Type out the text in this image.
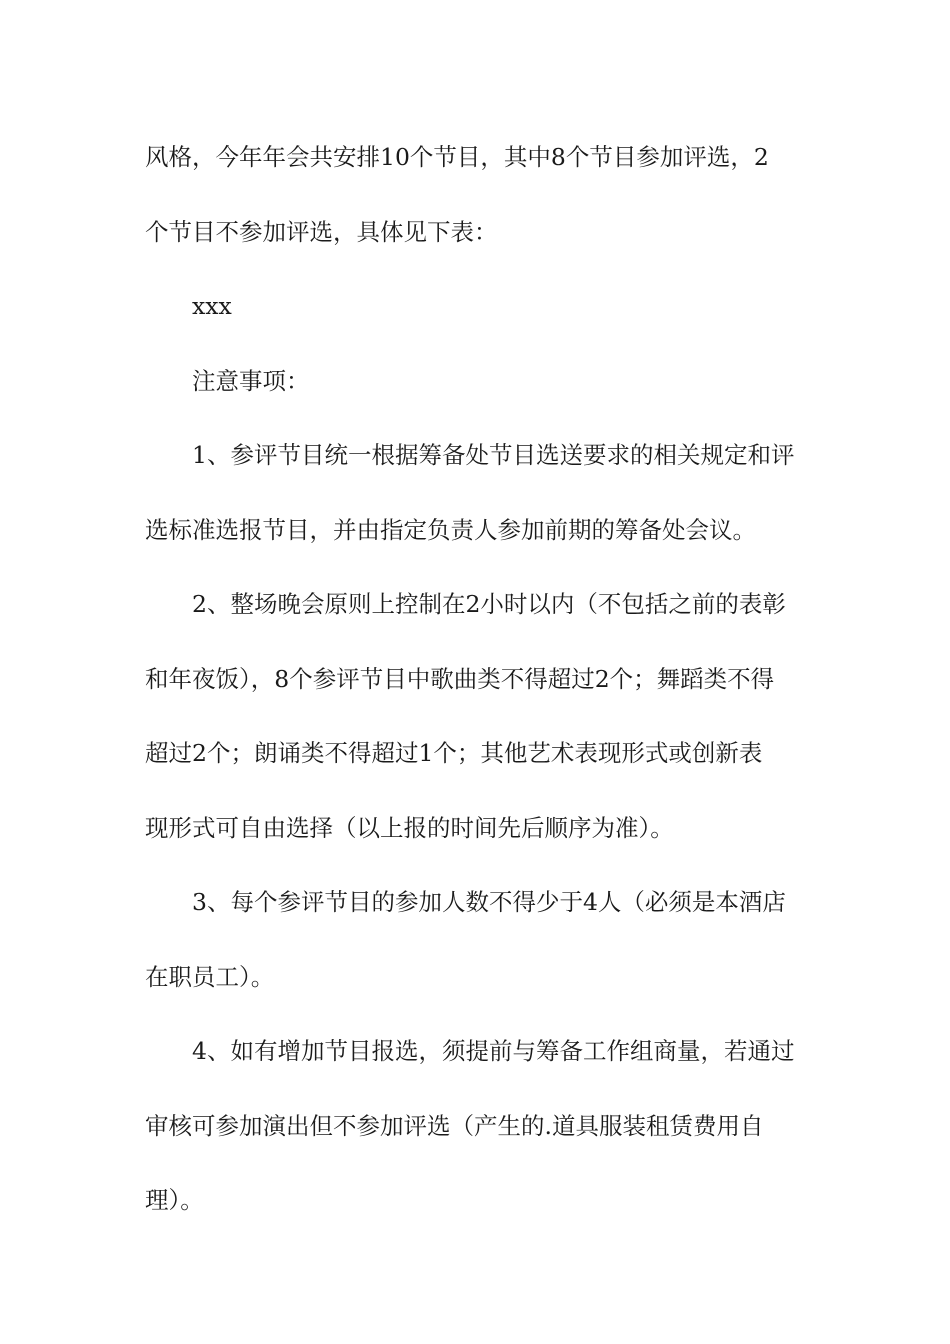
风格，今年年会共安排10个节目，其中8个节目参加评选，2
个节目不参加评选，具体见下表：
xxx
注意事项：
1、参评节目统一根据筹备处节目选送要求的相关规定和评
选标准选报节目，并由指定负责人参加前期的筹备处会议。
2、整场晚会原则上控制在2小时以内（不包括之前的表彰
和年夜饭），8个参评节目中歌曲类不得超过2个；舞蹈类不得
超过2个；朗诵类不得超过1个；其他艺术表现形式或创新表
现形式可自由选择（以上报的时间先后顺序为准）。
3、每个参评节目的参加人数不得少于4人（必须是本酒店
在职员工）。
4、如有增加节目报选，须提前与筹备工作组商量，若通过
审核可参加演出但不参加评选（产生的.道具服装租赁费用自
理）。
